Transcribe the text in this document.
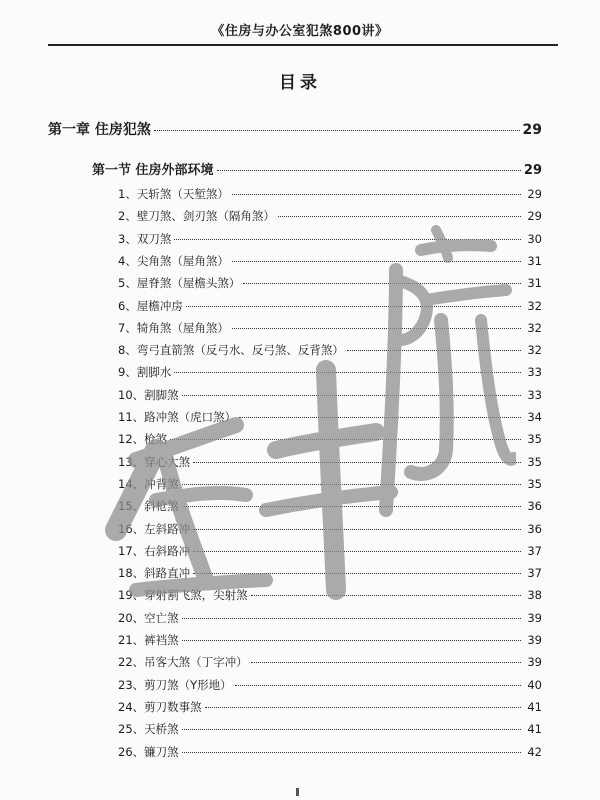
《住房与办公室犯煞800讲》
目录
第一章 住房犯煞	29
第一节 住房外部环境	29
1、 天斩煞（天堑煞）	29
2、 壁刀煞、剑刃煞（隔角煞）	29
3、 双刀煞	30
4、 尖角煞（屋角煞）	31
5、 屋脊煞（屋檐头煞）	31
6、 屋檐冲房	32
7、 犄角煞（屋角煞）	32
8、 弯弓直箭煞（反弓水、反弓煞、反背煞）	32
9、 割脚水	33
10、 割脚煞	33
11、 路冲煞（虎口煞）	34
12、 枪煞	35
13、 穿心大煞	35
14、 冲背煞	35
15、 斜枪煞	36
16、 左斜路冲	36
17、 右斜路冲	37
18、 斜路直冲	37
19、 穿射割飞煞，尖射煞	38
20、 空亡煞	39
21、 裤裆煞	39
22、 吊客大煞（丁字冲）	39
23、 剪刀煞（Y形地）	40
24、 剪刀数事煞	41
25、 天桥煞	41
26、 镰刀煞	42
